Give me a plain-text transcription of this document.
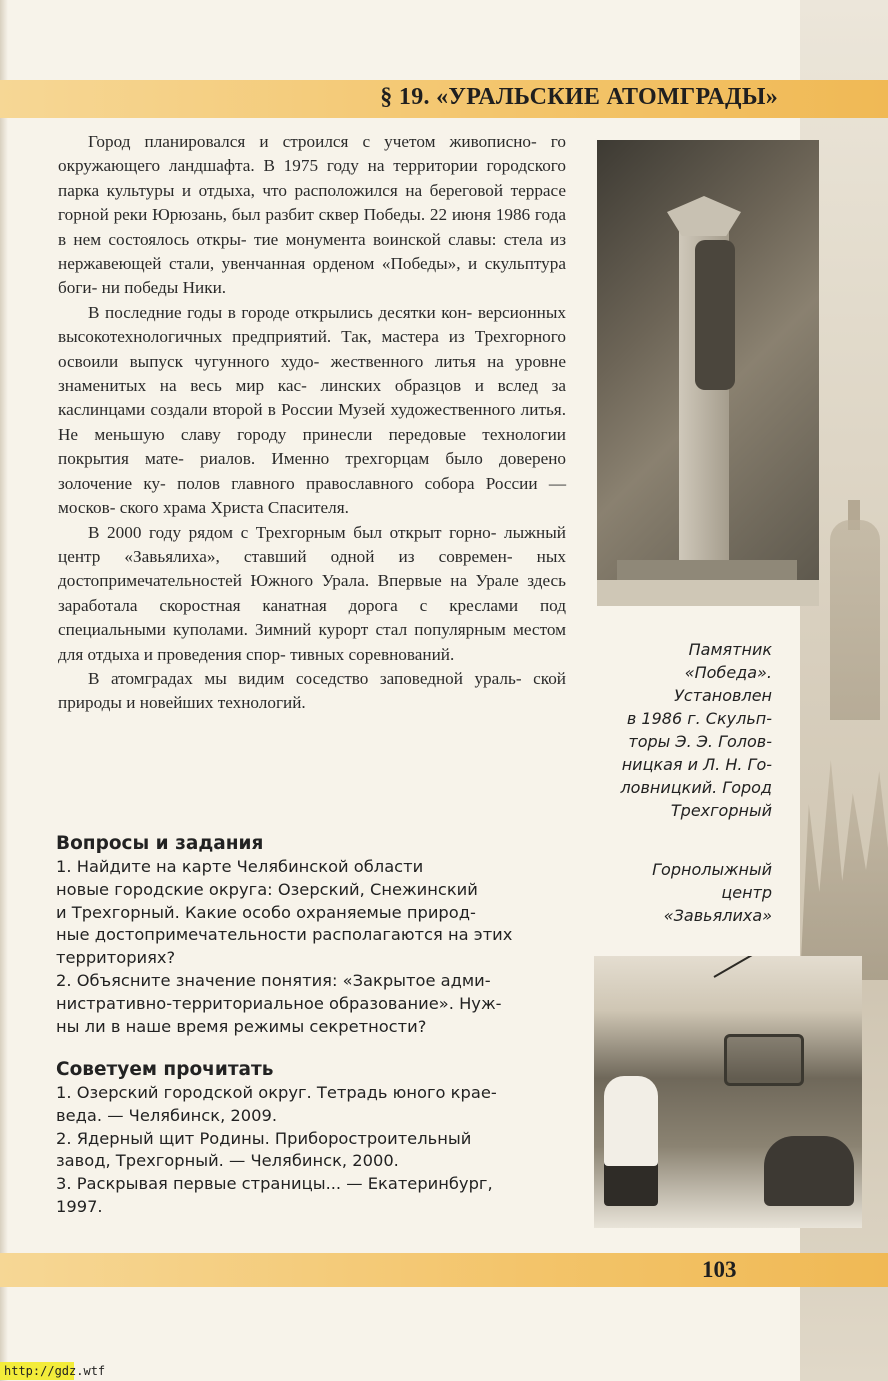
§ 19. «УРАЛЬСКИЕ АТОМГРАДЫ»

Город планировался и строился с учетом живописно- го окружающего ландшафта. В 1975 году на территории городского парка культуры и отдыха, что расположился на береговой террасе горной реки Юрюзань, был разбит сквер Победы. 22 июня 1986 года в нем состоялось откры- тие монумента воинской славы: стела из нержавеющей стали, увенчанная орденом «Победы», и скульптура боги- ни победы Ники.

В последние годы в городе открылись десятки кон- версионных высокотехнологичных предприятий. Так, мастера из Трехгорного освоили выпуск чугунного худо- жественного литья на уровне знаменитых на весь мир кас- линских образцов и вслед за каслинцами создали второй в России Музей художественного литья. Не меньшую славу городу принесли передовые технологии покрытия мате- риалов. Именно трехгорцам было доверено золочение ку- полов главного православного собора России — москов- ского храма Христа Спасителя.

В 2000 году рядом с Трехгорным был открыт горно- лыжный центр «Завьялиха», ставший одной из современ- ных достопримечательностей Южного Урала. Впервые на Урале здесь заработала скоростная канатная дорога с креслами под специальными куполами. Зимний курорт стал популярным местом для отдыха и проведения спор- тивных соревнований.

В атомградах мы видим соседство заповедной ураль- ской природы и новейших технологий.

Памятник
«Победа».
Установлен
в 1986 г. Скульп-
торы Э. Э. Голов-
ницкая и Л. Н. Го-
ловницкий. Город
Трехгорный
Горнолыжный
центр
«Завьялиха»
Вопросы и задания
1. Найдите на карте Челябинской области
новые городские округа: Озерский, Снежинский
и Трехгорный. Какие особо охраняемые природ-
ные достопримечательности располагаются на этих
территориях?
2. Объясните значение понятия: «Закрытое адми-
нистративно-территориальное образование». Нуж-
ны ли в наше время режимы секретности?
Советуем прочитать
1. Озерский городской округ. Тетрадь юного крае-
веда. — Челябинск, 2009.
2. Ядерный щит Родины. Приборостроительный
завод, Трехгорный. — Челябинск, 2000.
3. Раскрывая первые страницы... — Екатеринбург,
1997.
103
http://gdz.wtf
